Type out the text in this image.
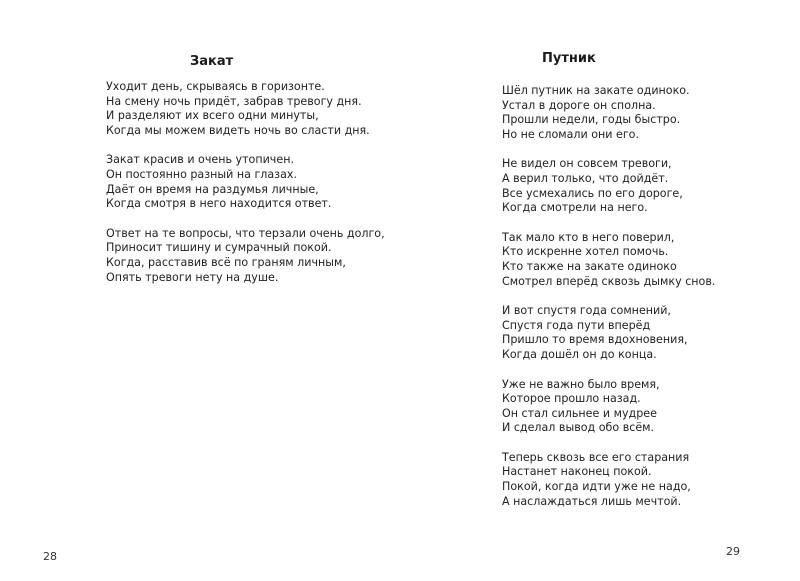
Закат
Уходит день, скрываясь в горизонте.
На смену ночь придёт, забрав тревогу дня.
И разделяют их всего одни минуты,
Когда мы можем видеть ночь во сласти дня.
Закат красив и очень утопичен.
Он постоянно разный на глазах.
Даёт он время на раздумья личные,
Когда смотря в него находится ответ.
Ответ на те вопросы, что терзали очень долго,
Приносит тишину и сумрачный покой.
Когда, расставив всё по граням личным,
Опять тревоги нету на душе.
28
Путник
Шёл путник на закате одиноко.
Устал в дороге он сполна.
Прошли недели, годы быстро.
Но не сломали они его.
Не видел он совсем тревоги,
А верил только, что дойдёт.
Все усмехались по его дороге,
Когда смотрели на него.
Так мало кто в него поверил,
Кто искренне хотел помочь.
Кто также на закате одиноко
Смотрел вперёд сквозь дымку снов.
И вот спустя года сомнений,
Спустя года пути вперёд
Пришло то время вдохновения,
Когда дошёл он до конца.
Уже не важно было время,
Которое прошло назад.
Он стал сильнее и мудрее
И сделал вывод обо всём.
Теперь сквозь все его старания
Настанет наконец покой.
Покой, когда идти уже не надо,
А наслаждаться лишь мечтой.
29
